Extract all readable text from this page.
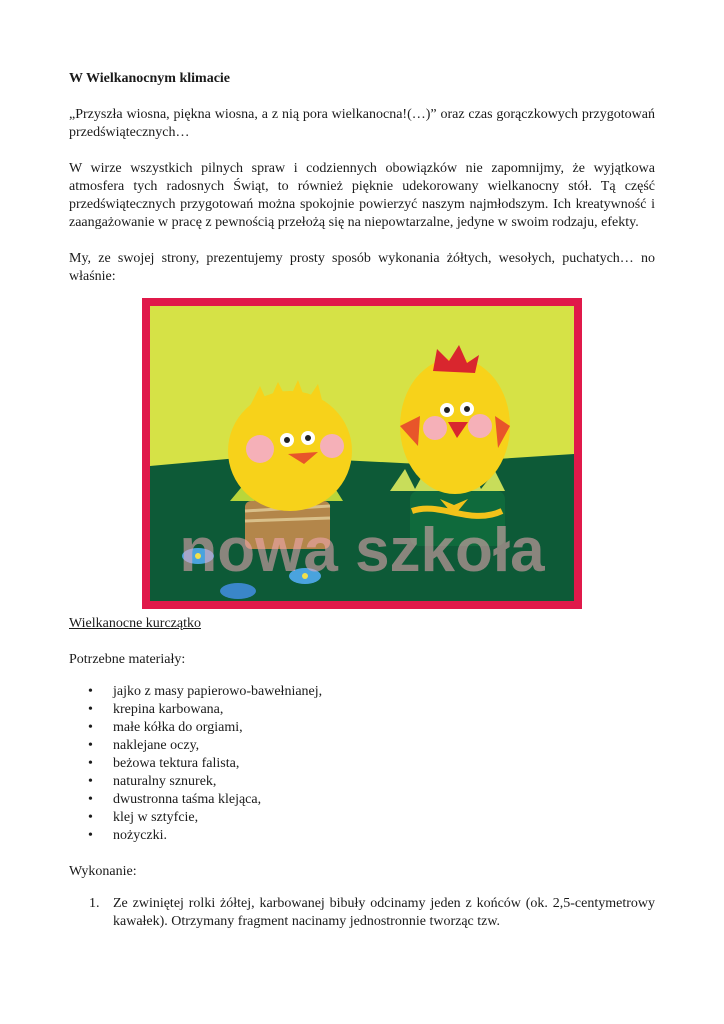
W Wielkanocnym klimacie

„Przyszła wiosna, piękna wiosna, a z nią pora wielkanocna!(…)” oraz czas gorączkowych przygotowań przedświątecznych…

W wirze wszystkich pilnych spraw i codziennych obowiązków nie zapomnijmy, że wyjątkowa atmosfera tych radosnych Świąt, to również pięknie udekorowany wielkanocny stół. Tą część przedświątecznych przygotowań można spokojnie powierzyć naszym najmłodszym. Ich kreatywność i zaangażowanie w pracę z pewnością przełożą się na niepowtarzalne, jedyne w swoim rodzaju, efekty.

My, ze swojej strony, prezentujemy prosty sposób wykonania żółtych, wesołych, puchatych… no właśnie:

nowa szkoła

Wielkanocne kurczątko

Potrzebne materiały:

• jajko z masy papierowo-bawełnianej,
• krepina karbowana,
• małe kółka do orgiami,
• naklejane oczy,
• beżowa tektura falista,
• naturalny sznurek,
• dwustronna taśma klejąca,
• klej w sztyfcie,
• nożyczki.

Wykonanie:

1. Ze zwiniętej rolki żółtej, karbowanej bibuły odcinamy jeden z końców (ok. 2,5-centymetrowy kawałek). Otrzymany fragment nacinamy jednostronnie tworząc tzw.
